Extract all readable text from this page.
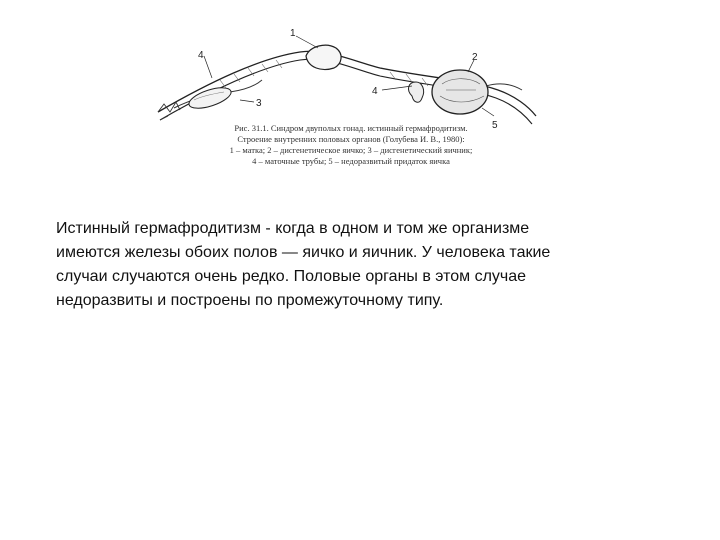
1
2
3
4
4
5
Рис. 31.1. Синдром двуполых гонад. истинный гермафродитизм.
Строение внутренних половых органов (Голубева И. В., 1980):
1 – матка; 2 – дисгенетическое яичко; 3 – дисгенетический яичник;
4 – маточные трубы; 5 – недоразвитый придаток яичка
Истинный гермафродитизм - когда в одном и том же организме
имеются железы обоих полов — яичко и яичник. У человека такие
случаи случаются очень редко. Половые органы в этом случае
недоразвиты и построены по промежуточному типу.
